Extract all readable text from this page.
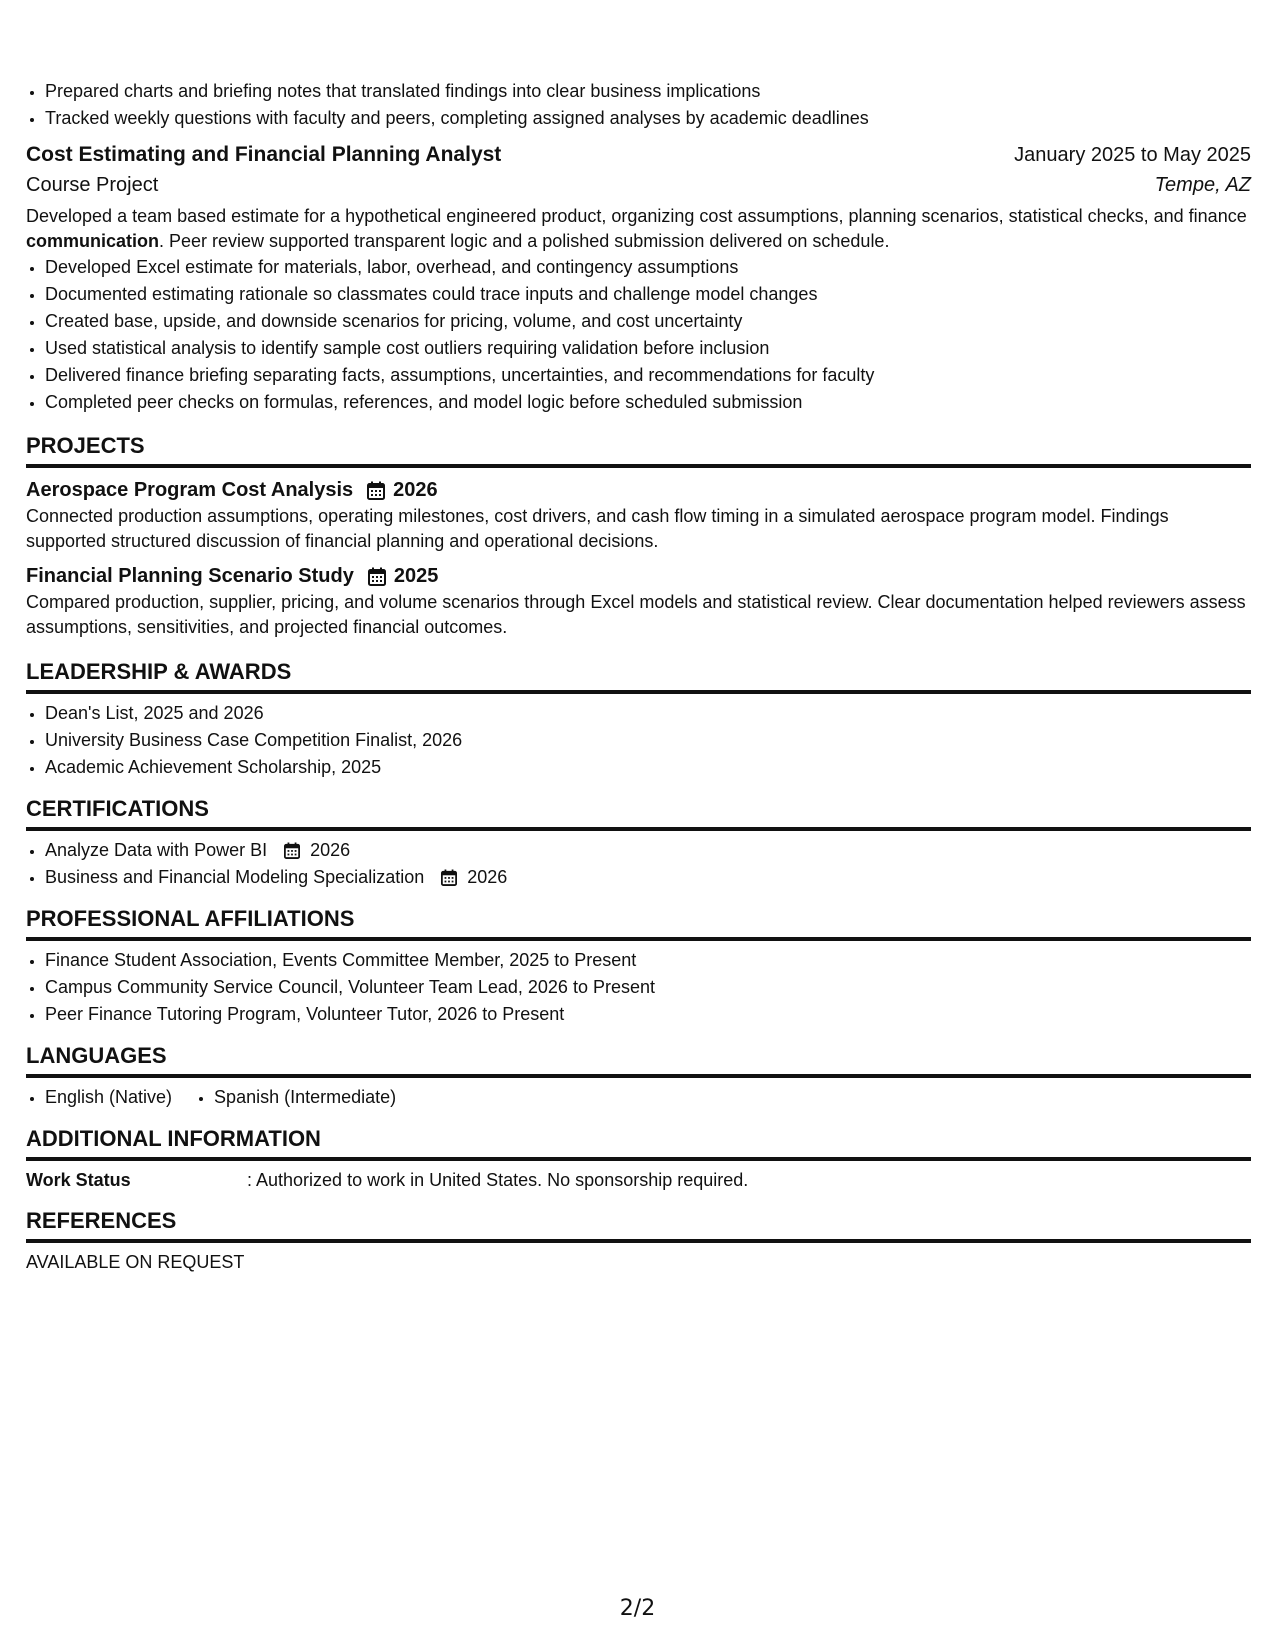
• Prepared charts and briefing notes that translated findings into clear business implications
• Tracked weekly questions with faculty and peers, completing assigned analyses by academic deadlines
Cost Estimating and Financial Planning Analyst	January 2025 to May 2025
Course Project	Tempe, AZ
Developed a team based estimate for a hypothetical engineered product, organizing cost assumptions, planning scenarios, statistical checks, and finance communication. Peer review supported transparent logic and a polished submission delivered on schedule.
• Developed Excel estimate for materials, labor, overhead, and contingency assumptions
• Documented estimating rationale so classmates could trace inputs and challenge model changes
• Created base, upside, and downside scenarios for pricing, volume, and cost uncertainty
• Used statistical analysis to identify sample cost outliers requiring validation before inclusion
• Delivered finance briefing separating facts, assumptions, uncertainties, and recommendations for faculty
• Completed peer checks on formulas, references, and model logic before scheduled submission
PROJECTS
Aerospace Program Cost Analysis 2026
Connected production assumptions, operating milestones, cost drivers, and cash flow timing in a simulated aerospace program model. Findings supported structured discussion of financial planning and operational decisions.
Financial Planning Scenario Study 2025
Compared production, supplier, pricing, and volume scenarios through Excel models and statistical review. Clear documentation helped reviewers assess assumptions, sensitivities, and projected financial outcomes.
LEADERSHIP & AWARDS
• Dean's List, 2025 and 2026
• University Business Case Competition Finalist, 2026
• Academic Achievement Scholarship, 2025
CERTIFICATIONS
• Analyze Data with Power BI 2026
• Business and Financial Modeling Specialization 2026
PROFESSIONAL AFFILIATIONS
• Finance Student Association, Events Committee Member, 2025 to Present
• Campus Community Service Council, Volunteer Team Lead, 2026 to Present
• Peer Finance Tutoring Program, Volunteer Tutor, 2026 to Present
LANGUAGES
• English (Native)
• Spanish (Intermediate)
ADDITIONAL INFORMATION
Work Status	: Authorized to work in United States. No sponsorship required.
REFERENCES
AVAILABLE ON REQUEST
2/2
